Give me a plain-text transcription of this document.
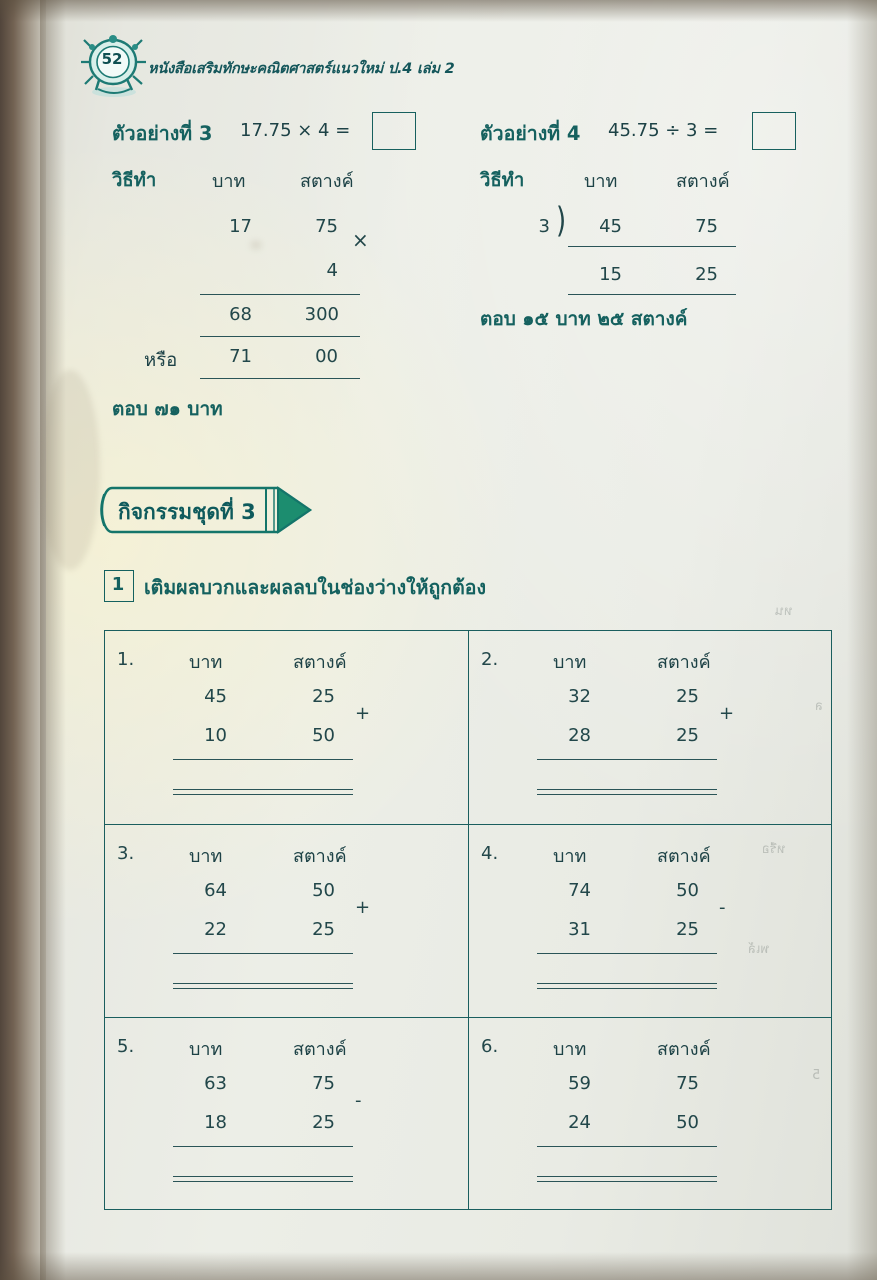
หน
ล
หรือ
พเล้
5
52
หนังสือเสริมทักษะคณิตศาสตร์แนวใหม่ ป.4 เล่ม 2
ตัวอย่างที่ 3 17.75 × 4 =
วิธีทำ	บาท	สตางค์
17	75
×
4
68	300
หรือ	71	00
ตอบ ๗๑ บาท
ตัวอย่างที่ 4 45.75 ÷ 3 =
วิธีทำ	บาท	สตางค์
3 )	45	75
15	25
ตอบ ๑๕ บาท ๒๕ สตางค์
กิจกรรมชุดที่ 3
1	เติมผลบวกและผลลบในช่องว่างให้ถูกต้อง
1.	บาท	สตางค์
45	25
10	50
+
2.	บาท	สตางค์
32	25
28	25
+
3.	บาท	สตางค์
64	50
22	25
+
4.	บาท	สตางค์
74	50
31	25
-
5.	บาท	สตางค์
63	75
18	25
-
6.	บาท	สตางค์
59	75
24	50
